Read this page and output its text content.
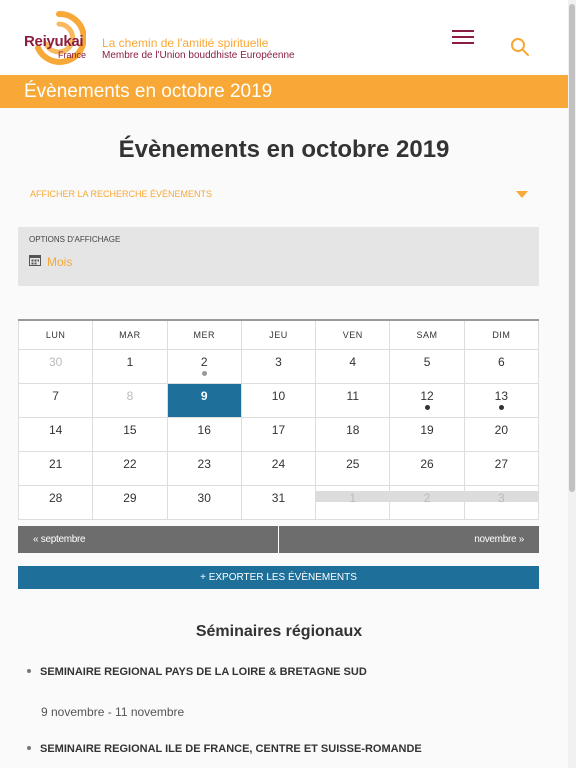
Reiyukai
France
La chemin de l'amitié spirituelle
Membre de l'Union bouddhiste Européenne
Évènements en octobre 2019
Évènements en octobre 2019
AFFICHER LA RECHERCHE ÉVÈNEMENTS
OPTIONS D'AFFICHAGE
Mois
LUN	MAR	MER	JEU	VEN	SAM	DIM
30	1	2	3	4	5	6
7	8	9	10	11	12	13
14	15	16	17	18	19	20
21	22	23	24	25	26	27
28	29	30	31	1	2	3
« septembre	novembre »
+ EXPORTER LES ÉVÈNEMENTS
Séminaires régionaux
SEMINAIRE REGIONAL PAYS DE LA LOIRE & BRETAGNE SUD
9 novembre - 11 novembre
SEMINAIRE REGIONAL ILE DE FRANCE, CENTRE ET SUISSE-ROMANDE
